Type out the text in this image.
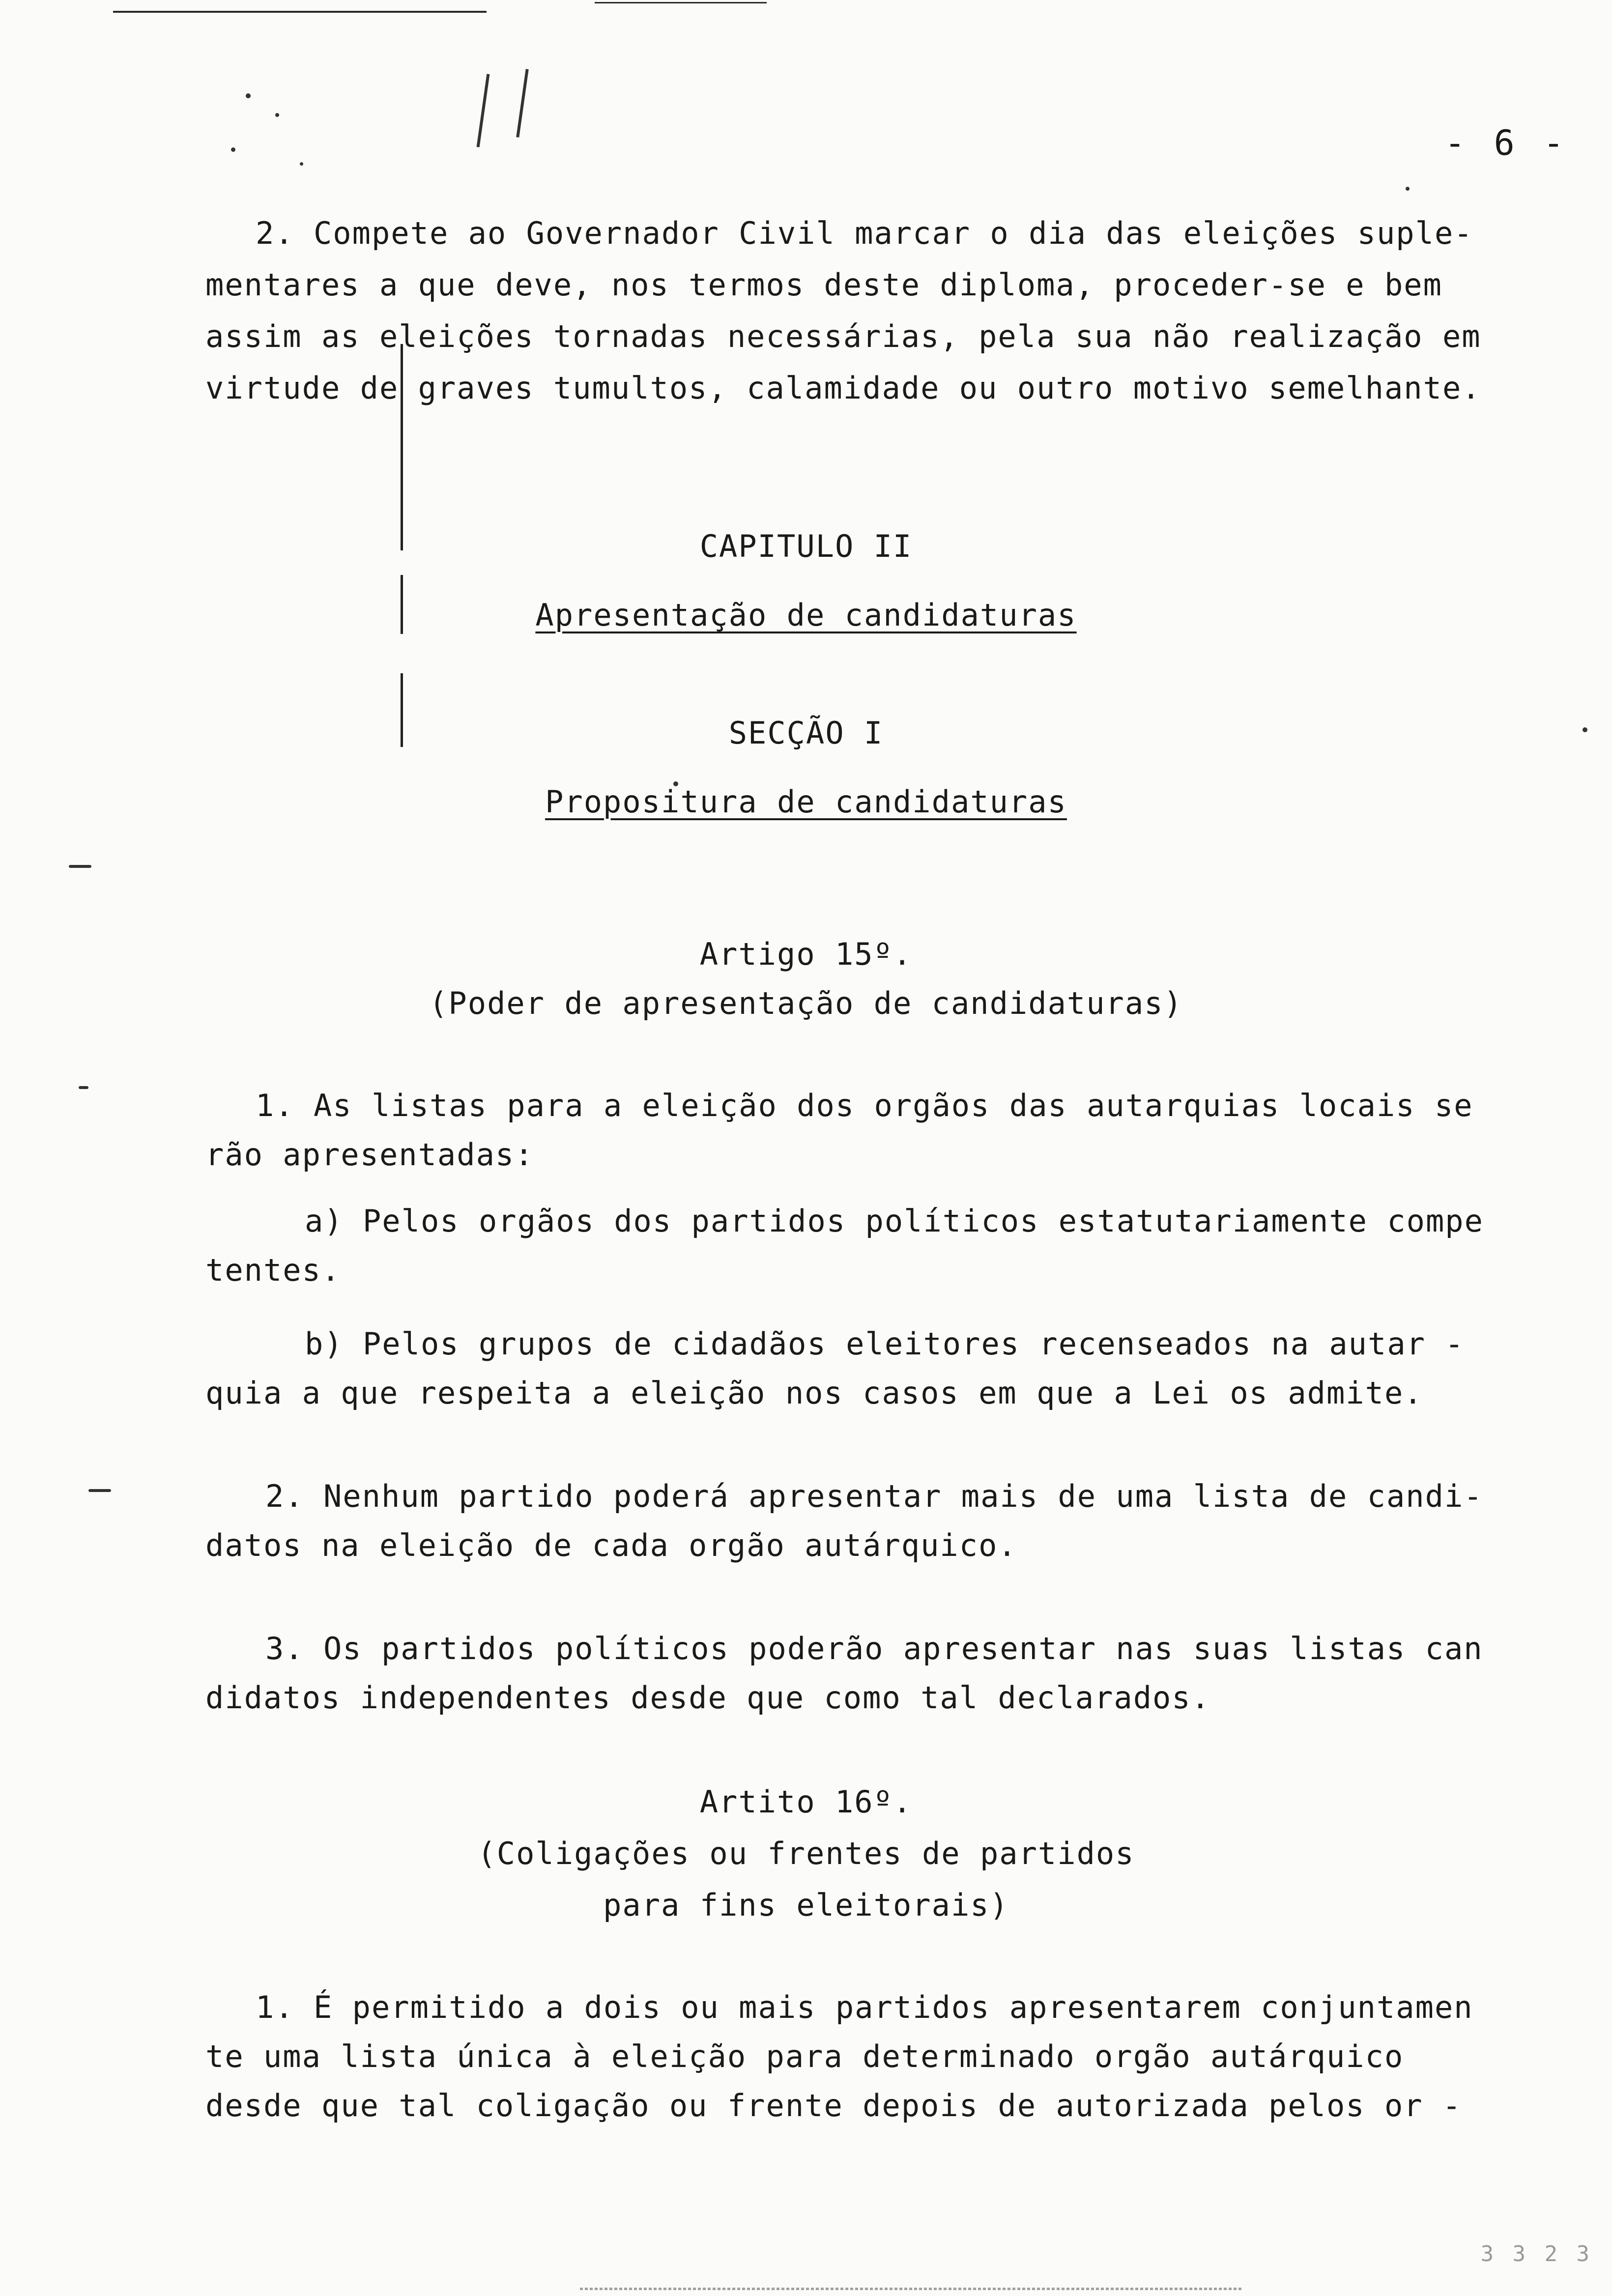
- 6 -
2. Compete ao Governador Civil marcar o dia das eleições suple-
mentares a que deve, nos termos deste diploma, proceder-se e bem
assim as eleições tornadas necessárias, pela sua não realização em
virtude de graves tumultos, calamidade ou outro motivo semelhante.
CAPITULO II
Apresentação de candidaturas
SECÇÃO I
Propositura de candidaturas
Artigo 15º.
(Poder de apresentação de candidaturas)
1. As listas para a eleição dos orgãos das autarquias locais se
rão apresentadas:
a) Pelos orgãos dos partidos políticos estatutariamente compe
tentes.
b) Pelos grupos de cidadãos eleitores recenseados na autar -
quia a que respeita a eleição nos casos em que a Lei os admite.
2. Nenhum partido poderá apresentar mais de uma lista de candi-
datos na eleição de cada orgão autárquico.
3. Os partidos políticos poderão apresentar nas suas listas can
didatos independentes desde que como tal declarados.
Artito 16º.
(Coligações ou frentes de partidos
para fins eleitorais)
1. É permitido a dois ou mais partidos apresentarem conjuntamen
te uma lista única à eleição para determinado orgão autárquico
desde que tal coligação ou frente depois de autorizada pelos or -
3 3 2 3
